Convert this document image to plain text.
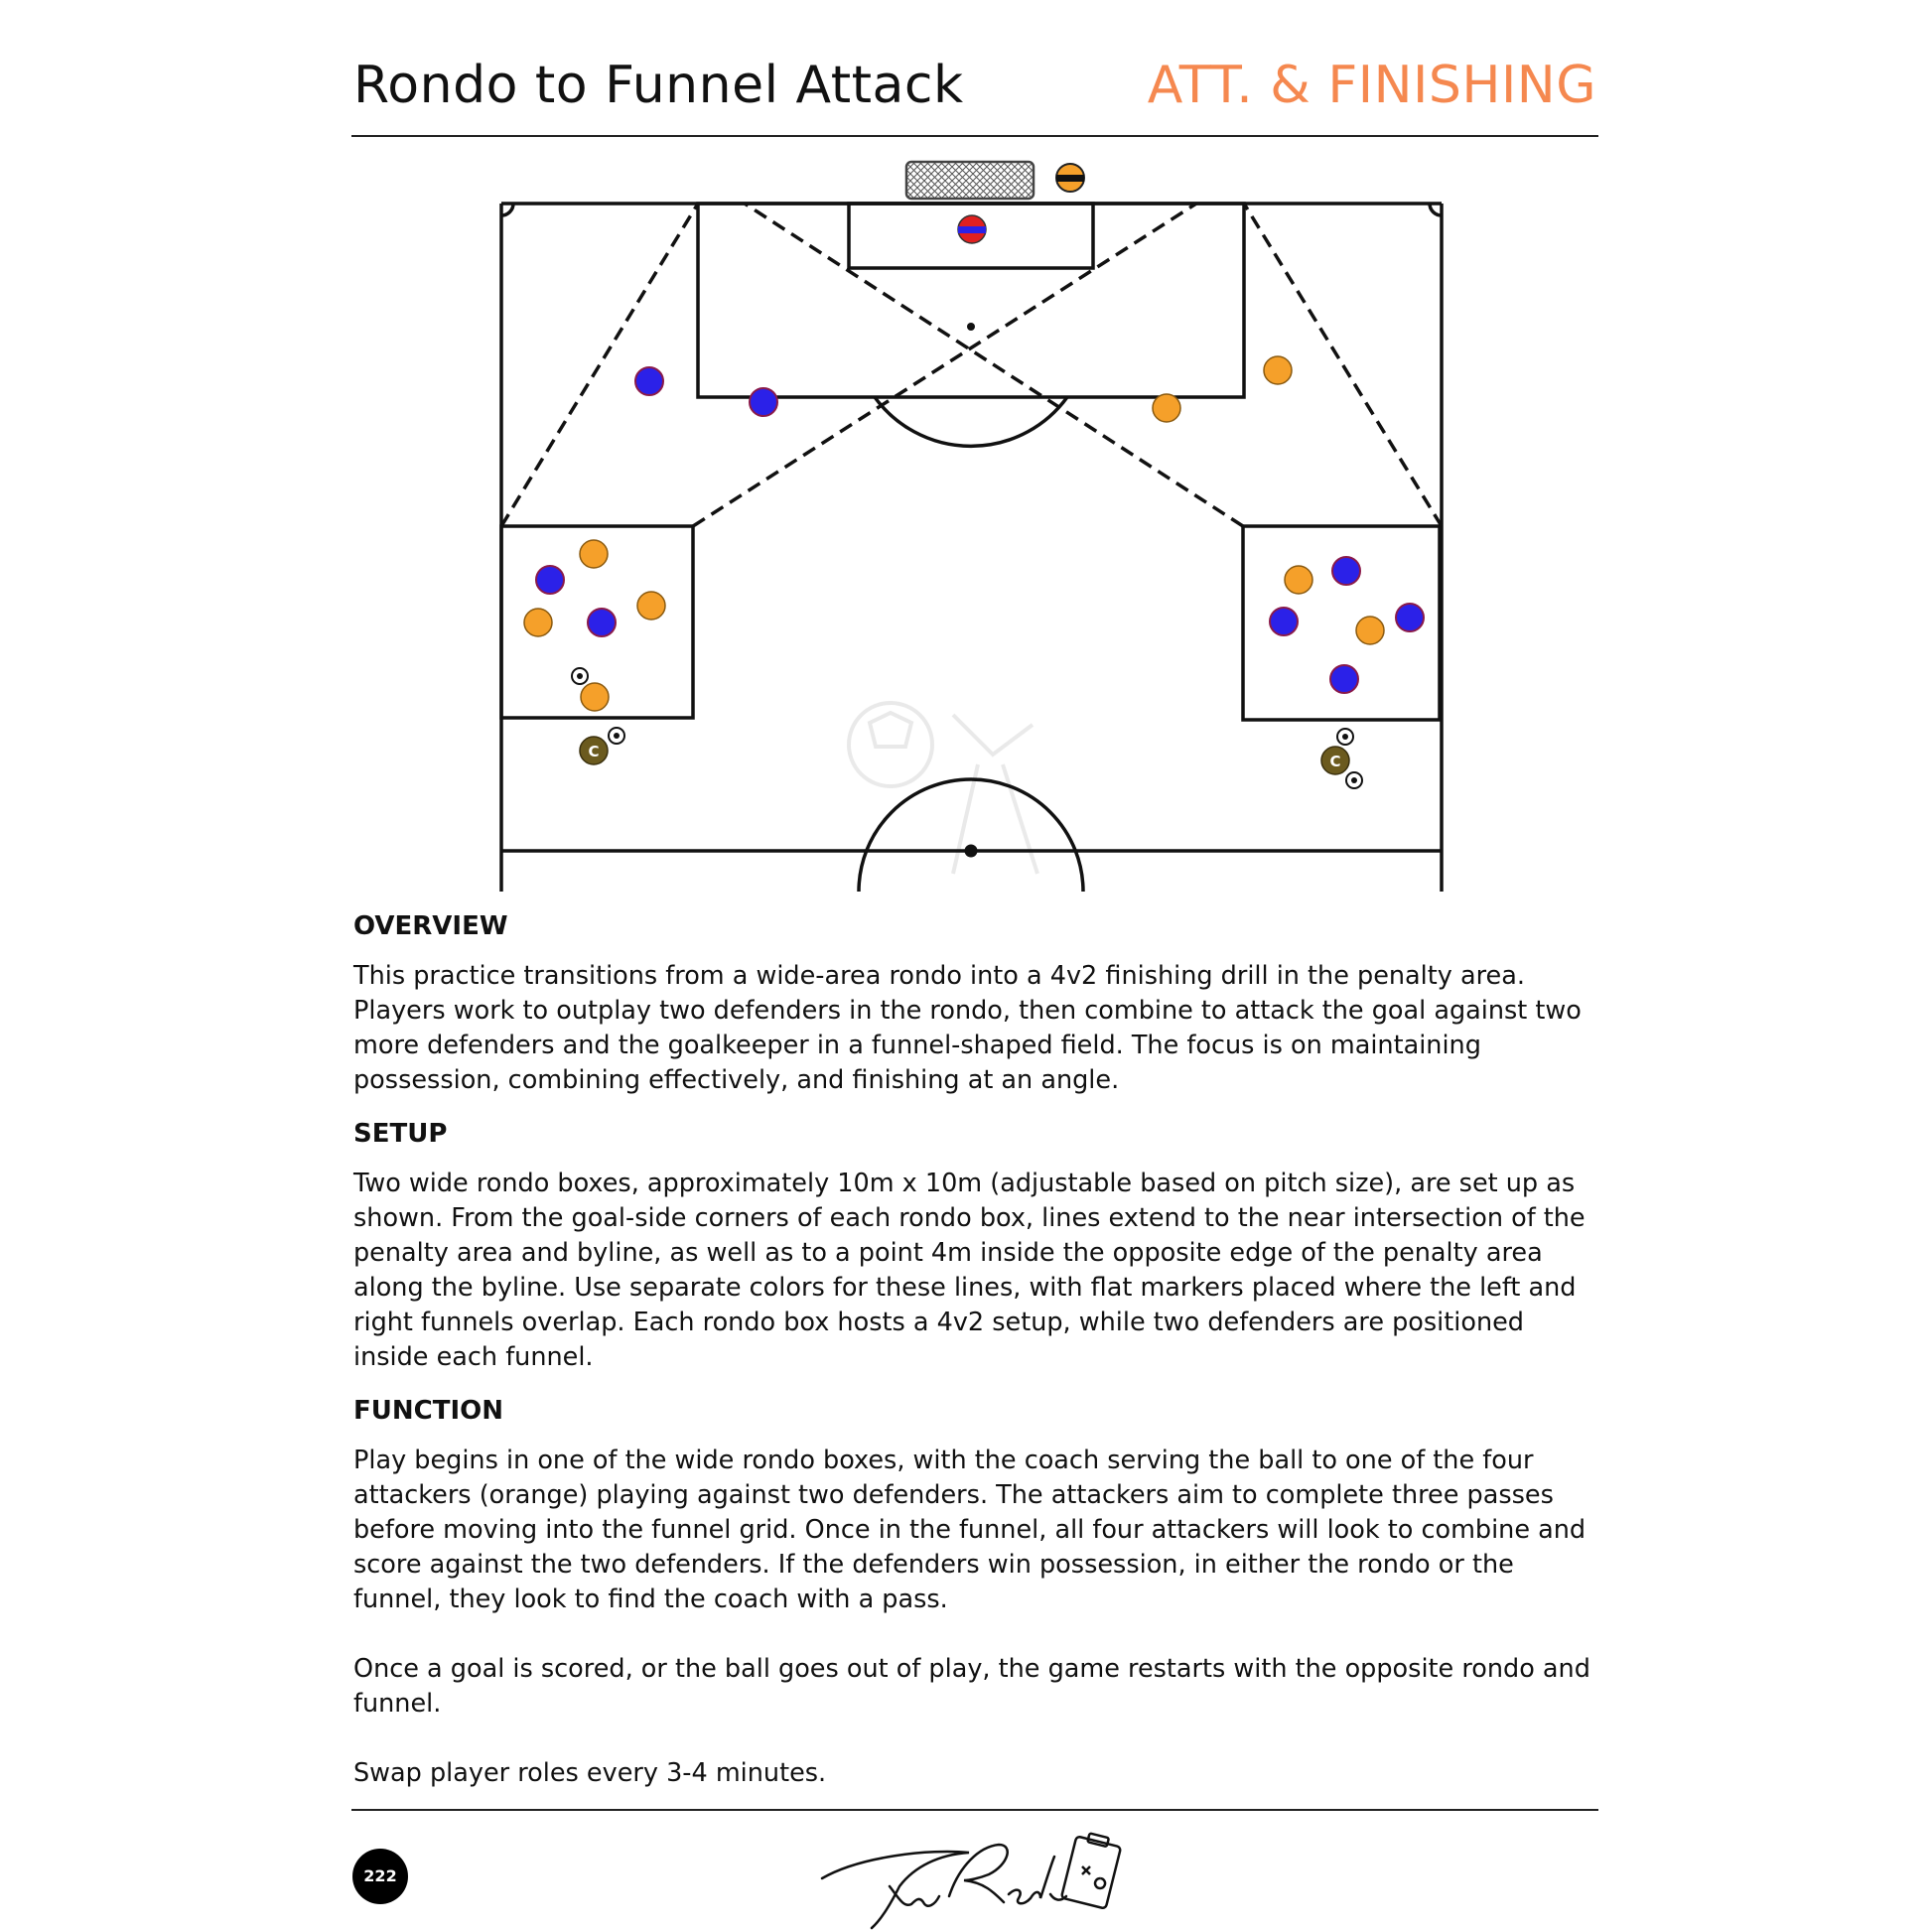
Rondo to Funnel Attack	ATT. & FINISHING
C
C
OVERVIEW

This practice transitions from a wide-area rondo into a 4v2 finishing drill in the penalty area. Players work to outplay two defenders in the rondo, then combine to attack the goal against two more defenders and the goalkeeper in a funnel-shaped field. The focus is on maintaining possession, combining effectively, and finishing at an angle.

SETUP

Two wide rondo boxes, approximately 10m x 10m (adjustable based on pitch size), are set up as shown. From the goal-side corners of each rondo box, lines extend to the near intersection of the penalty area and byline, as well as to a point 4m inside the opposite edge of the penalty area along the byline. Use separate colors for these lines, with flat markers placed where the left and right funnels overlap. Each rondo box hosts a 4v2 setup, while two defenders are positioned inside each funnel.

FUNCTION

Play begins in one of the wide rondo boxes, with the coach serving the ball to one of the four attackers (orange) playing against two defenders. The attackers aim to complete three passes before moving into the funnel grid. Once in the funnel, all four attackers will look to combine and score against the two defenders. If the defenders win possession, in either the rondo or the funnel, they look to find the coach with a pass.

Once a goal is scored, or the ball goes out of play, the game restarts with the opposite rondo and funnel.

Swap player roles every 3-4 minutes.

222
